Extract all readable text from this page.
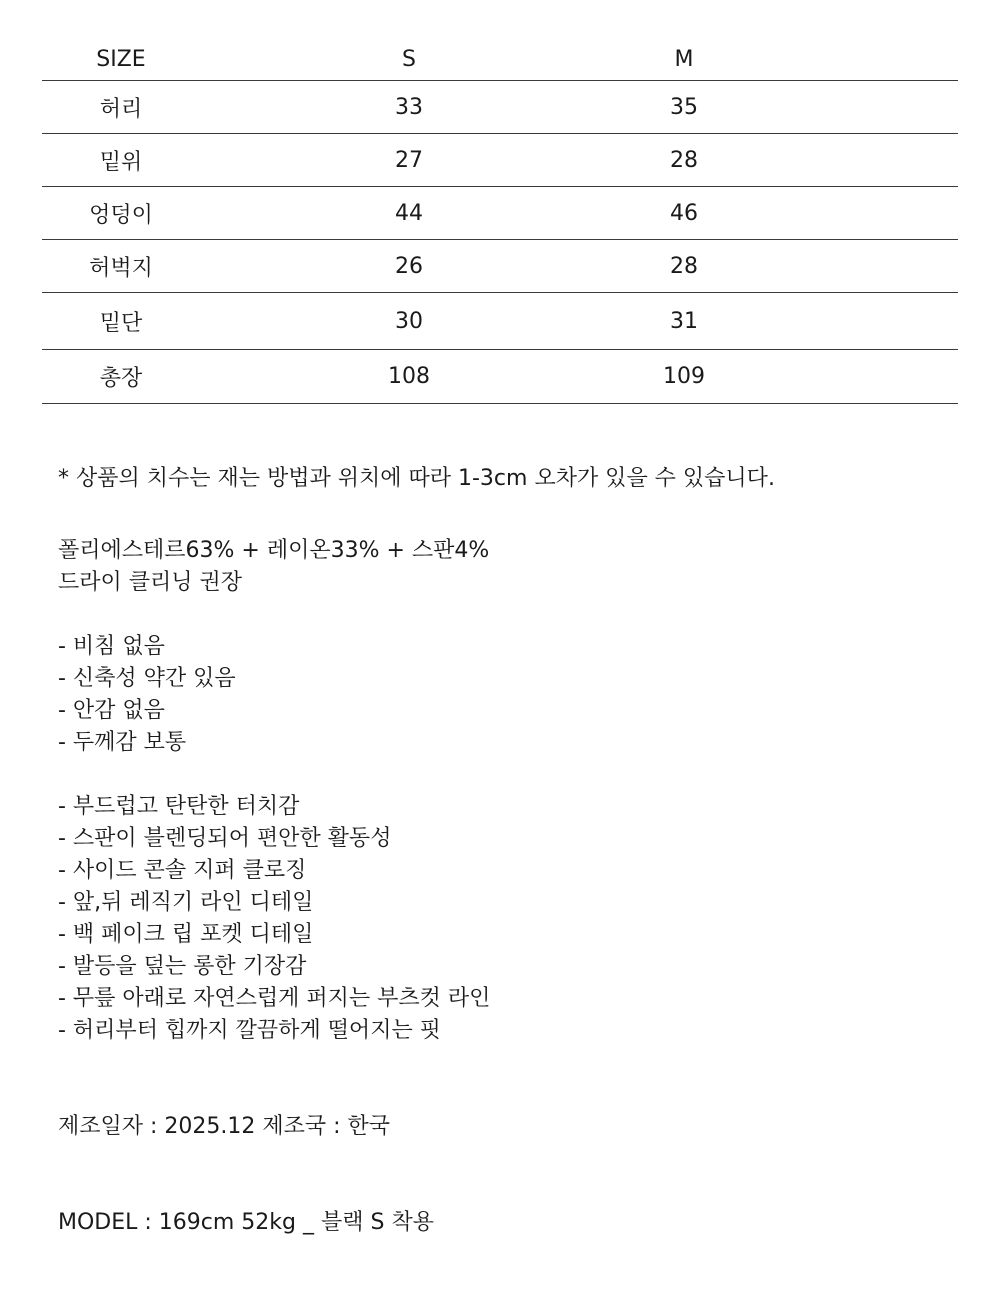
SIZE	S	M
허리	33	35
밑위	27	28
엉덩이	44	46
허벅지	26	28
밑단	30	31
총장	108	109
* 상품의 치수는 재는 방법과 위치에 따라 1-3cm 오차가 있을 수 있습니다.
폴리에스테르63% + 레이온33% + 스판4%
드라이 클리닝 권장
- 비침 없음
- 신축성 약간 있음
- 안감 없음
- 두께감 보통
- 부드럽고 탄탄한 터치감
- 스판이 블렌딩되어 편안한 활동성
- 사이드 콘솔 지퍼 클로징
- 앞,뒤 레직기 라인 디테일
- 백 페이크 립 포켓 디테일
- 발등을 덮는 롱한 기장감
- 무릎 아래로 자연스럽게 퍼지는 부츠컷 라인
- 허리부터 힙까지 깔끔하게 떨어지는 핏
제조일자 : 2025.12 제조국 : 한국
MODEL : 169cm 52kg _ 블랙 S 착용
